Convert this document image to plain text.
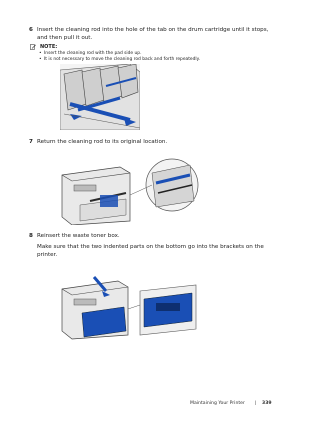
6 Insert the cleaning rod into the hole of the tab on the drum cartridge until it stops,
and then pull it out.
NOTE:
• Insert the cleaning rod with the pad side up.
• It is not necessary to move the cleaning rod back and forth repeatedly.
7 Return the cleaning rod to its original location.
8 Reinsert the waste toner box.
Make sure that the two indented parts on the bottom go into the brackets on the
printer.
Maintaining Your Printer | 339
